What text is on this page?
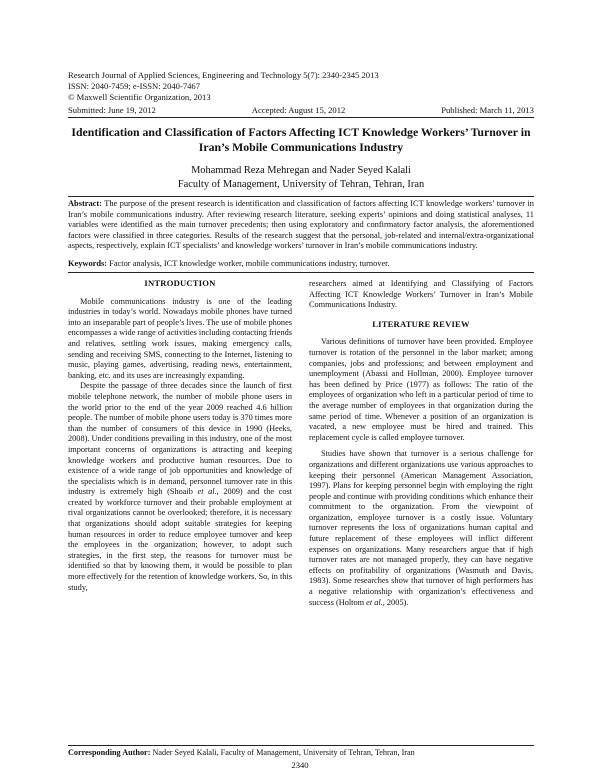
Research Journal of Applied Sciences, Engineering and Technology 5(7): 2340-2345 2013
ISSN: 2040-7459; e-ISSN: 2040-7467
© Maxwell Scientific Organization, 2013
Submitted: June 19, 2012	Accepted: August 15, 2012	Published: March 11, 2013
Identification and Classification of Factors Affecting ICT Knowledge Workers’ Turnover in Iran’s Mobile Communications Industry
Mohammad Reza Mehregan and Nader Seyed Kalali
Faculty of Management, University of Tehran, Tehran, Iran
Abstract: The purpose of the present research is identification and classification of factors affecting ICT knowledge workers’ turnover in Iran’s mobile communications industry. After reviewing research literature, seeking experts’ opinions and doing statistical analyses, 11 variables were identified as the main turnover precedents; then using exploratory and confirmatory factor analysis, the aforementioned factors were classified in three categories. Results of the research suggest that the personal, job-related and internal/extra-organizational aspects, respectively, explain ICT specialists’ and knowledge workers’ turnover in Iran’s mobile communications industry.
Keywords: Factor analysis, ICT knowledge worker, mobile communications industry, turnover.
INTRODUCTION

Mobile communications industry is one of the leading industries in today’s world. Nowadays mobile phones have turned into an inseparable part of people’s lives. The use of mobile phones encompasses a wide range of activities including contacting friends and relatives, settling work issues, making emergency calls, sending and receiving SMS, connecting to the Internet, listening to music, playing games, advertising, reading news, entertainment, banking, etc. and its uses are increasingly expanding.

Despite the passage of three decades since the launch of first mobile telephone network, the number of mobile phone users in the world prior to the end of the year 2009 reached 4.6 billion people. The number of mobile phone users today is 370 times more than the number of consumers of this device in 1990 (Heeks, 2008). Under conditions prevailing in this industry, one of the most important concerns of organizations is attracting and keeping knowledge workers and productive human resources. Due to existence of a wide range of job opportunities and knowledge of the specialists which is in demand, personnel turnover rate in this industry is extremely high (Shoaib et al., 2009) and the cost created by workforce turnover and their probable employment at rival organizations cannot be overlooked; therefore, it is necessary that organizations should adopt suitable strategies for keeping human resources in order to reduce employee turnover and keep the employees in the organization; however, to adopt such strategies, in the first step, the reasons for turnover must be identified so that by knowing them, it would be possible to plan more effectively for the retention of knowledge workers. So, in this study,

researchers aimed at Identifying and Classifying of Factors Affecting ICT Knowledge Workers’ Turnover in Iran’s Mobile Communications Industry.

LITERATURE REVIEW

Various definitions of turnover have been provided. Employee turnover is rotation of the personnel in the labor market; among companies, jobs and professions; and between employment and unemployment (Abassi and Hollman, 2000). Employee turnover has been defined by Price (1977) as follows: The ratio of the employees of organization who left in a particular period of time to the average number of employees in that organization during the same period of time. Whenever a position of an organization is vacated, a new employee must be hired and trained. This replacement cycle is called employee turnover.

Studies have shown that turnover is a serious challenge for organizations and different organizations use various approaches to keeping their personnel (American Management Association, 1997). Plans for keeping personnel begin with employing the right people and continue with providing conditions which enhance their commitment to the organization. From the viewpoint of organization, employee turnover is a costly issue. Voluntary turnover represents the loss of organizations human capital and future replacement of these employees will inflict different expenses on organizations. Many researchers argue that if high turnover rates are not managed properly, they can have negative effects on profitability of organizations (Wasmuth and Davis, 1983). Some researches show that turnover of high performers has a negative relationship with organization’s effectiveness and success (Holtom et al., 2005).

Corresponding Author: Nader Seyed Kalali, Faculty of Management, University of Tehran, Tehran, Iran
2340
